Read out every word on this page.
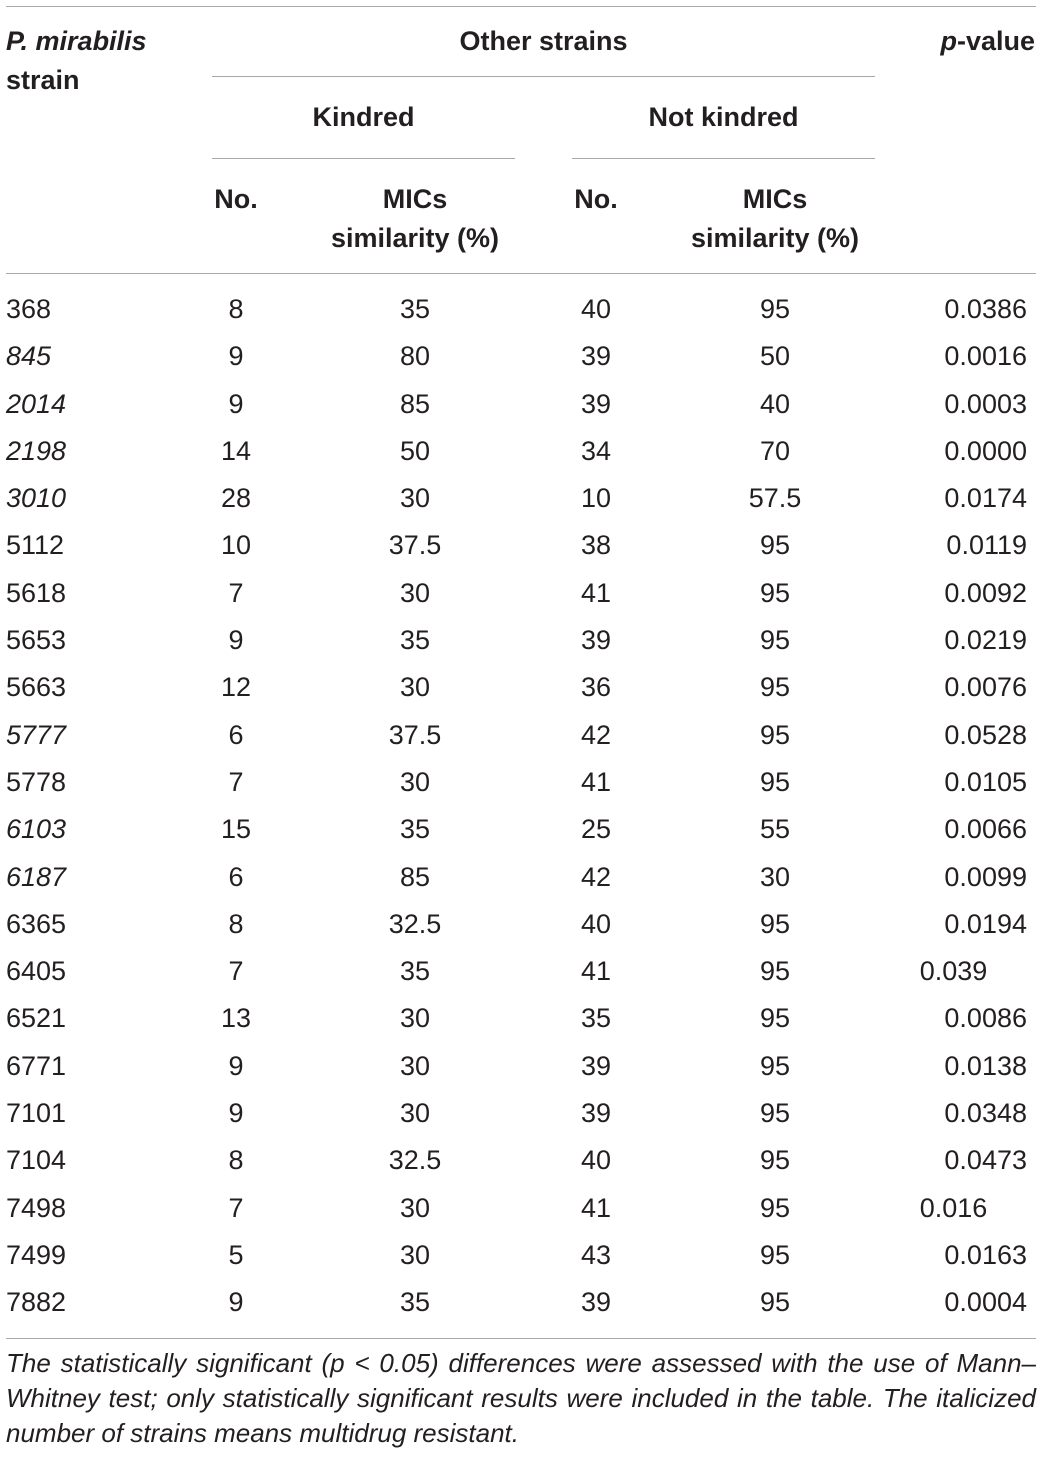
P. mirabilis
strain
Other strains	p-value
Kindred	Not kindred
No.	MICs
similarity (%)
No.	MICs
similarity (%)
368	8	35	40	95	0.0386
845	9	80	39	50	0.0016
2014	9	85	39	40	0.0003
2198	14	50	34	70	0.0000
3010	28	30	10	57.5	0.0174
5112	10	37.5	38	95	0.0119
5618	7	30	41	95	0.0092
5653	9	35	39	95	0.0219
5663	12	30	36	95	0.0076
5777	6	37.5	42	95	0.0528
5778	7	30	41	95	0.0105
6103	15	35	25	55	0.0066
6187	6	85	42	30	0.0099
6365	8	32.5	40	95	0.0194
6405	7	35	41	95	0.039
6521	13	30	35	95	0.0086
6771	9	30	39	95	0.0138
7101	9	30	39	95	0.0348
7104	8	32.5	40	95	0.0473
7498	7	30	41	95	0.016
7499	5	30	43	95	0.0163
7882	9	35	39	95	0.0004
The statistically significant (p < 0.05) differences were assessed with the use of Mann–Whitney test; only statistically significant results were included in the table. The italicized number of strains means multidrug resistant.
